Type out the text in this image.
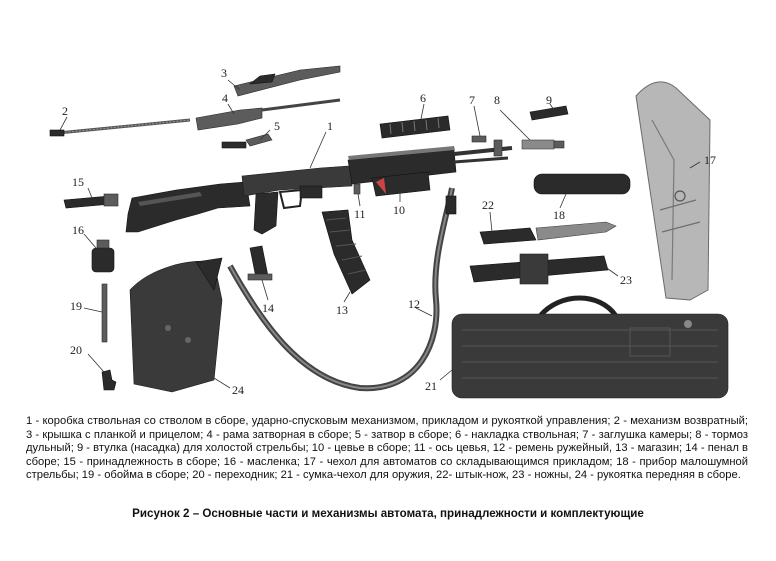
1
2
3
4
5
6	7 8	9
10
11
12
13
14
15
16
17
18
19
20
21
22
23
24
1 - коробка ствольная со стволом в сборе, ударно-спусковым механизмом, прикладом и рукояткой управления; 2 - механизм возвратный; 3 - крышка с планкой и прицелом; 4 - рама затворная в сборе; 5 - затвор в сборе; 6 - накладка ствольная; 7 - заглушка камеры; 8 - тормоз дульный; 9 - втулка (насадка) для холостой стрельбы; 10 - цевье в сборе; 11 - ось цевья, 12 - ремень ружейный, 13 - магазин; 14 - пенал в сборе; 15 - принадлежность в сборе; 16 - масленка; 17 - чехол для автоматов со складывающимся прикладом; 18 - прибор малошумной стрельбы; 19 - обойма в сборе; 20 - переходник; 21 - сумка-чехол для оружия, 22- штык-нож, 23 - ножны, 24 - рукоятка передняя в сборе.
Рисунок 2 – Основные части и механизмы автомата, принадлежности и комплектующие
